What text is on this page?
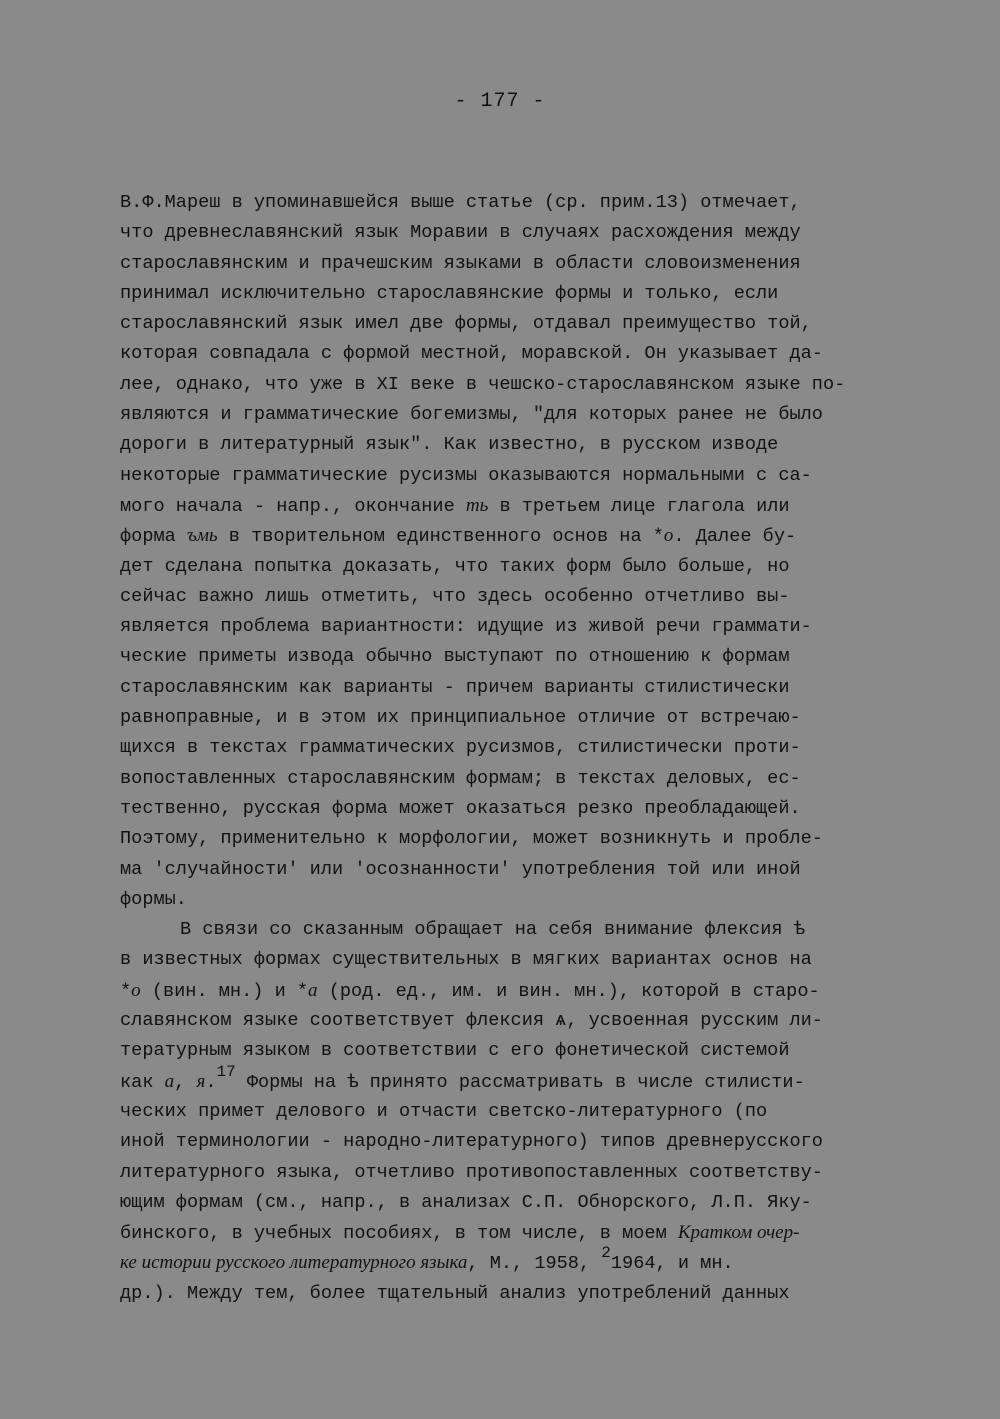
- 177 -
В.Ф.Мареш в упоминавшейся выше статье (ср. прим.13) отмечает,
что древнеславянский язык Моравии в случаях расхождения между
старославянским и прачешским языками в области словоизменения
принимал исключительно старославянские формы и только, если
старославянский язык имел две формы, отдавал преимущество той,
которая совпадала с формой местной, моравской. Он указывает да-
лее, однако, что уже в XI веке в чешско-старославянском языке по-
являются и грамматические богемизмы, "для которых ранее не было
дороги в литературный язык". Как известно, в русском изводе
некоторые грамматические русизмы оказываются нормальными с са-
мого начала - напр., окончание ть в третьем лице глагола или
форма ъмь в творительном единственного основ на *о. Далее бу-
дет сделана попытка доказать, что таких форм было больше, но
сейчас важно лишь отметить, что здесь особенно отчетливо вы-
является проблема вариантности: идущие из живой речи граммати-
ческие приметы извода обычно выступают по отношению к формам
старославянским как варианты - причем варианты стилистически
равноправные, и в этом их принципиальное отличие от встречаю-
щихся в текстах грамматических русизмов, стилистически проти-
вопоставленных старославянским формам; в текстах деловых, ес-
тественно, русская форма может оказаться резко преобладающей.
Поэтому, применительно к морфологии, может возникнуть и пробле-
ма 'случайности' или 'осознанности' употребления той или иной
формы.
В связи со сказанным обращает на себя внимание флексия ѣ
в известных формах существительных в мягких вариантах основ на
*о (вин. мн.) и *а (род. ед., им. и вин. мн.), которой в старо-
славянском языке соответствует флексия ѧ, усвоенная русским ли-
тературным языком в соответствии с его фонетической системой
как а, я.17 Формы на ѣ принято рассматривать в числе стилисти-
ческих примет делового и отчасти светско-литературного (по
иной терминологии - народно-литературного) типов древнерусского
литературного языка, отчетливо противопоставленных соответству-
ющим формам (см., напр., в анализах С.П. Обнорского, Л.П. Яку-
бинского, в учебных пособиях, в том числе, в моем Кратком очер-
ке истории русского литературного языка, М., 1958, 21964, и мн.
др.). Между тем, более тщательный анализ употреблений данных
